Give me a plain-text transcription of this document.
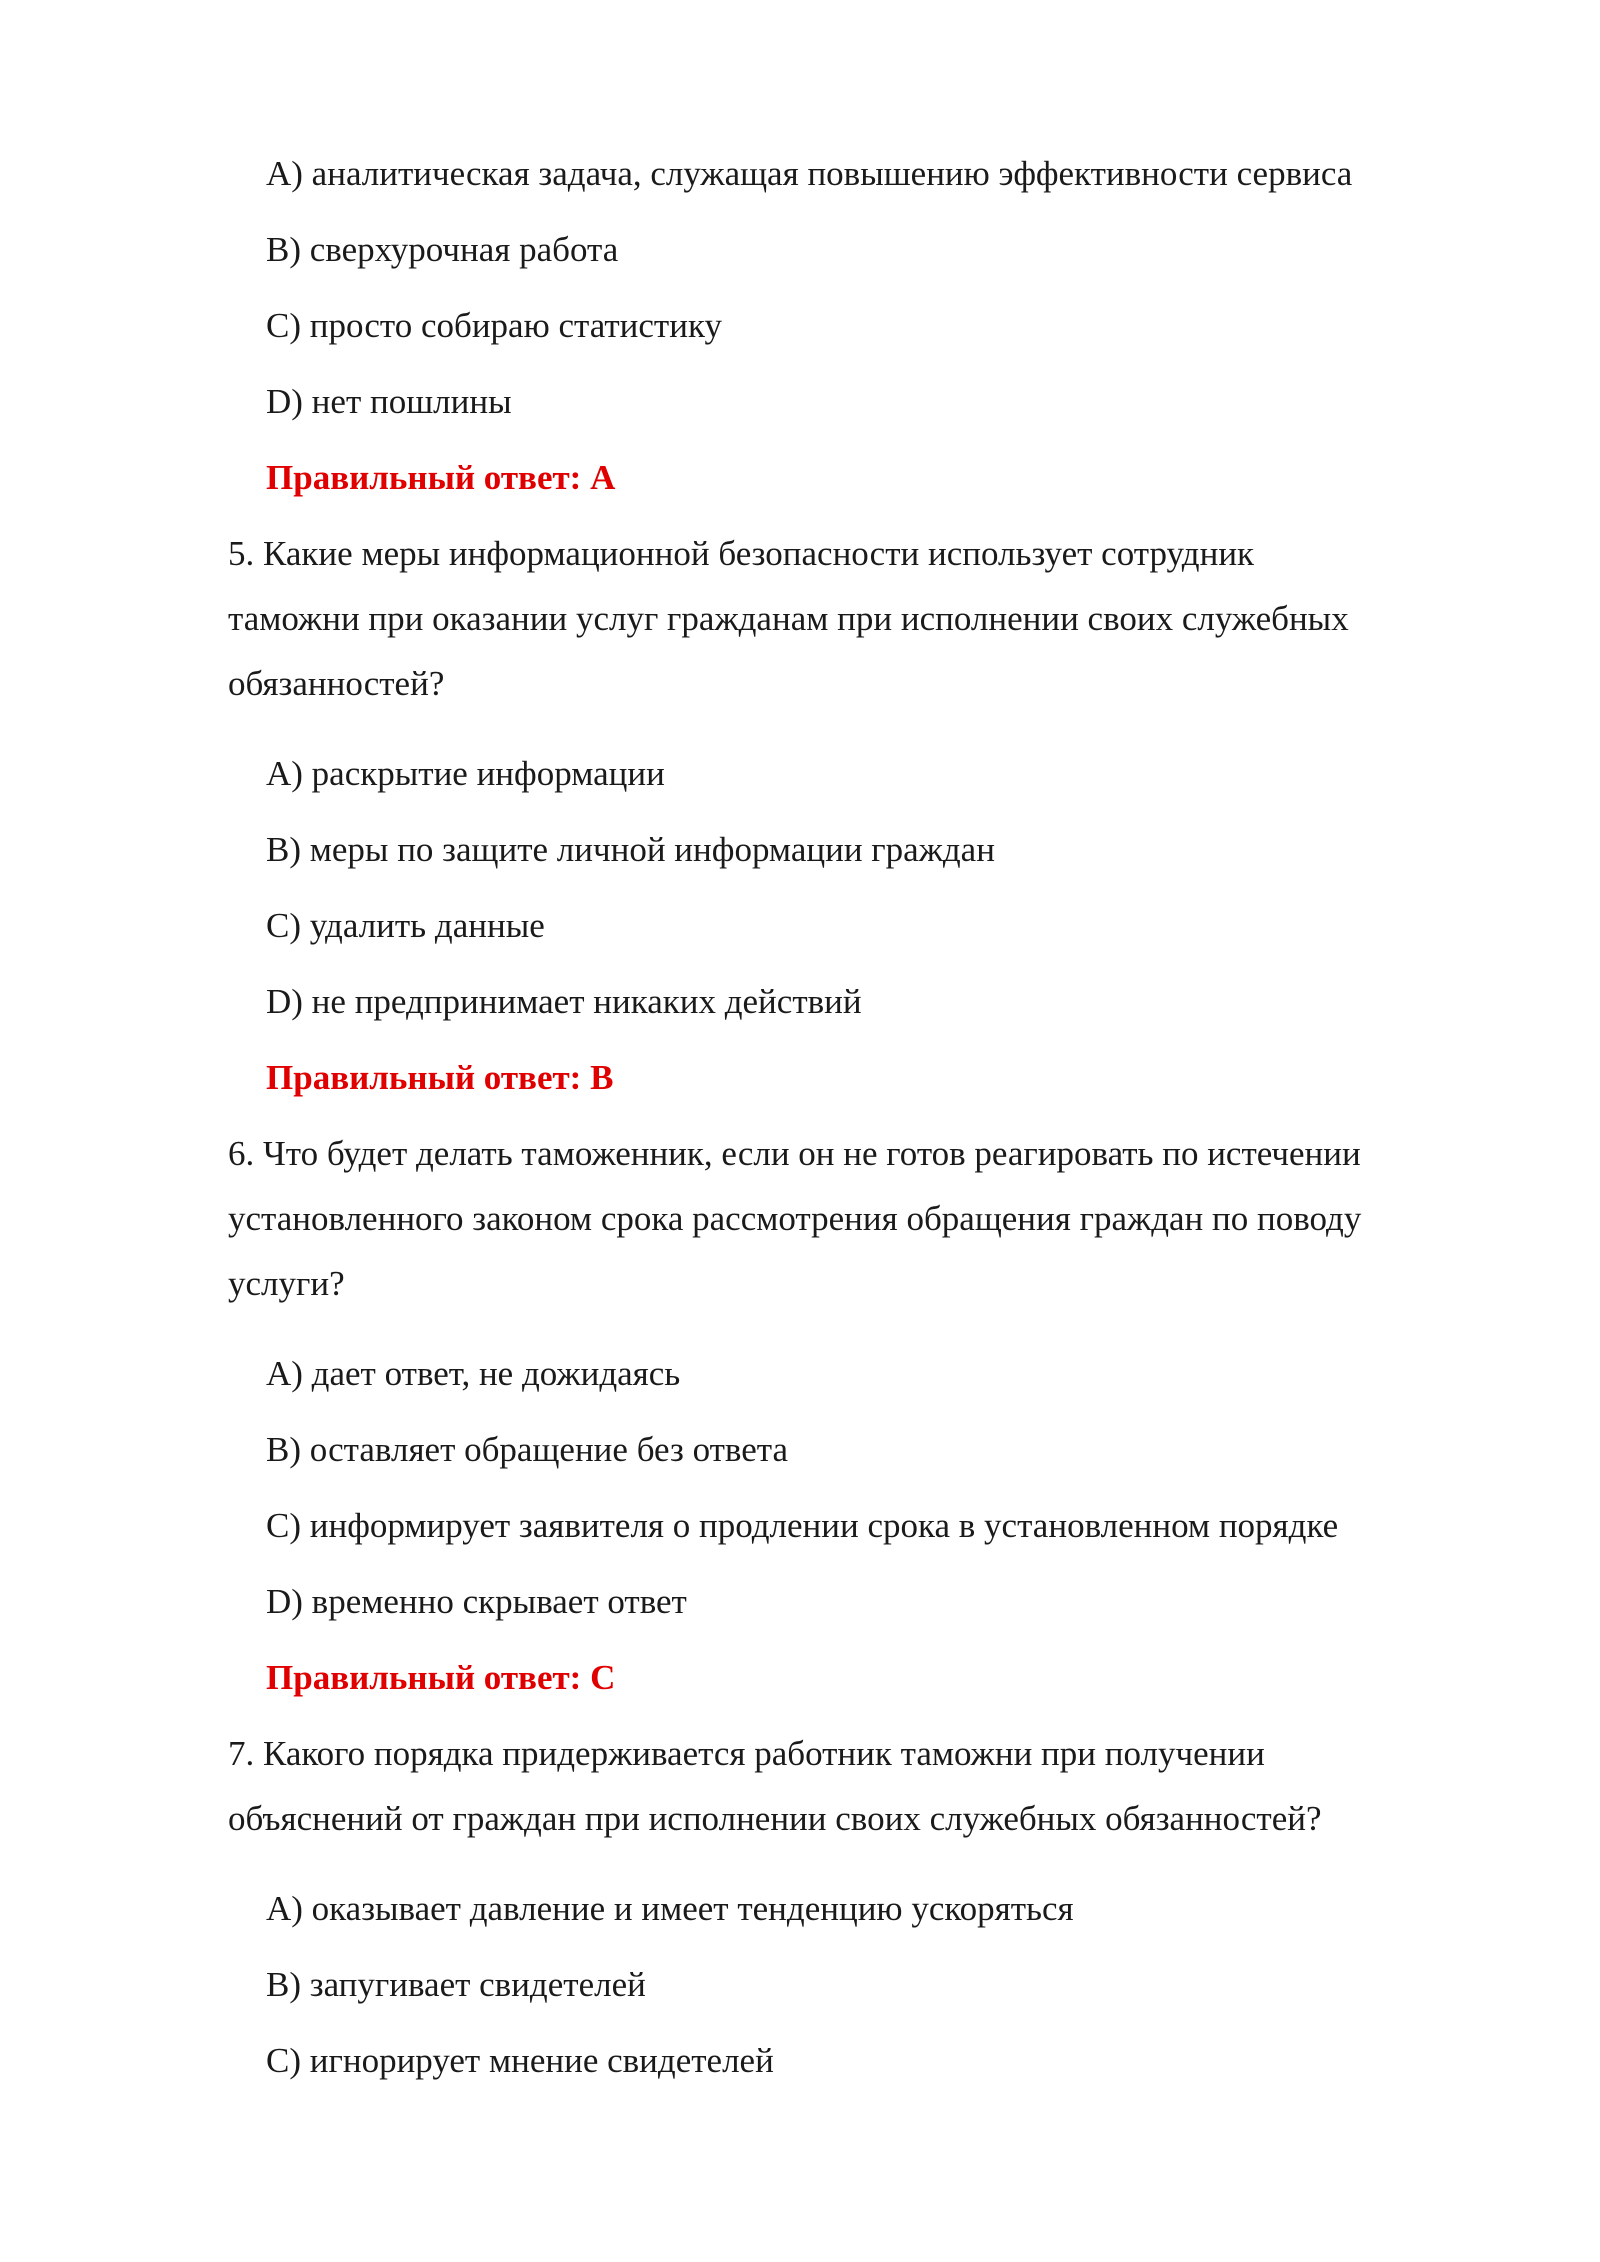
A) аналитическая задача, служащая повышению эффективности сервиса
B) сверхурочная работа
C) просто собираю статистику
D) нет пошлины
Правильный ответ: A
5. Какие меры информационной безопасности использует сотрудник
таможни при оказании услуг гражданам при исполнении своих служебных
обязанностей?
A) раскрытие информации
B) меры по защите личной информации граждан
C) удалить данные
D) не предпринимает никаких действий
Правильный ответ: B
6. Что будет делать таможенник, если он не готов реагировать по истечении
установленного законом срока рассмотрения обращения граждан по поводу
услуги?
A) дает ответ, не дожидаясь
B) оставляет обращение без ответа
C) информирует заявителя о продлении срока в установленном порядке
D) временно скрывает ответ
Правильный ответ: C
7. Какого порядка придерживается работник таможни при получении
объяснений от граждан при исполнении своих служебных обязанностей?
A) оказывает давление и имеет тенденцию ускоряться
B) запугивает свидетелей
C) игнорирует мнение свидетелей
